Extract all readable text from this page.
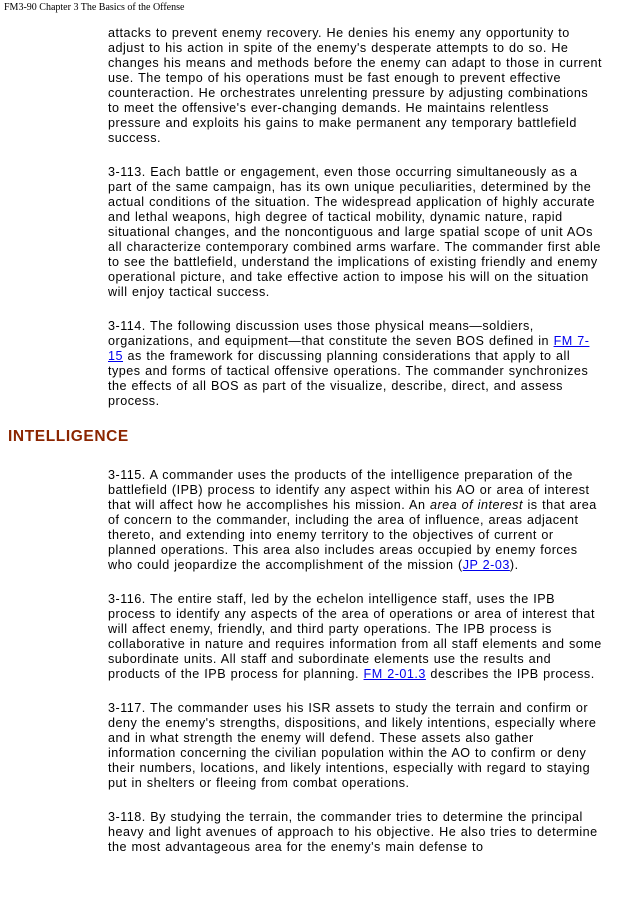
FM3-90 Chapter 3 The Basics of the Offense

attacks to prevent enemy recovery. He denies his enemy any opportunity to adjust to his action in spite of the enemy's desperate attempts to do so. He changes his means and methods before the enemy can adapt to those in current use. The tempo of his operations must be fast enough to prevent effective counteraction. He orchestrates unrelenting pressure by adjusting combinations to meet the offensive's ever-changing demands. He maintains relentless pressure and exploits his gains to make permanent any temporary battlefield success.

3-113. Each battle or engagement, even those occurring simultaneously as a part of the same campaign, has its own unique peculiarities, determined by the actual conditions of the situation. The widespread application of highly accurate and lethal weapons, high degree of tactical mobility, dynamic nature, rapid situational changes, and the noncontiguous and large spatial scope of unit AOs all characterize contemporary combined arms warfare. The commander first able to see the battlefield, understand the implications of existing friendly and enemy operational picture, and take effective action to impose his will on the situation will enjoy tactical success.

3-114. The following discussion uses those physical means—soldiers, organizations, and equipment—that constitute the seven BOS defined in FM 7-15 as the framework for discussing planning considerations that apply to all types and forms of tactical offensive operations. The commander synchronizes the effects of all BOS as part of the visualize, describe, direct, and assess process.

3-115. A commander uses the products of the intelligence preparation of the battlefield (IPB) process to identify any aspect within his AO or area of interest that will affect how he accomplishes his mission. An area of interest is that area of concern to the commander, including the area of influence, areas adjacent thereto, and extending into enemy territory to the objectives of current or planned operations. This area also includes areas occupied by enemy forces who could jeopardize the accomplishment of the mission (JP 2-03).

3-116. The entire staff, led by the echelon intelligence staff, uses the IPB process to identify any aspects of the area of operations or area of interest that will affect enemy, friendly, and third party operations. The IPB process is collaborative in nature and requires information from all staff elements and some subordinate units. All staff and subordinate elements use the results and products of the IPB process for planning. FM 2-01.3 describes the IPB process.

3-117. The commander uses his ISR assets to study the terrain and confirm or deny the enemy's strengths, dispositions, and likely intentions, especially where and in what strength the enemy will defend. These assets also gather information concerning the civilian population within the AO to confirm or deny their numbers, locations, and likely intentions, especially with regard to staying put in shelters or fleeing from combat operations.

3-118. By studying the terrain, the commander tries to determine the principal heavy and light avenues of approach to his objective. He also tries to determine the most advantageous area for the enemy's main defense to

INTELLIGENCE
